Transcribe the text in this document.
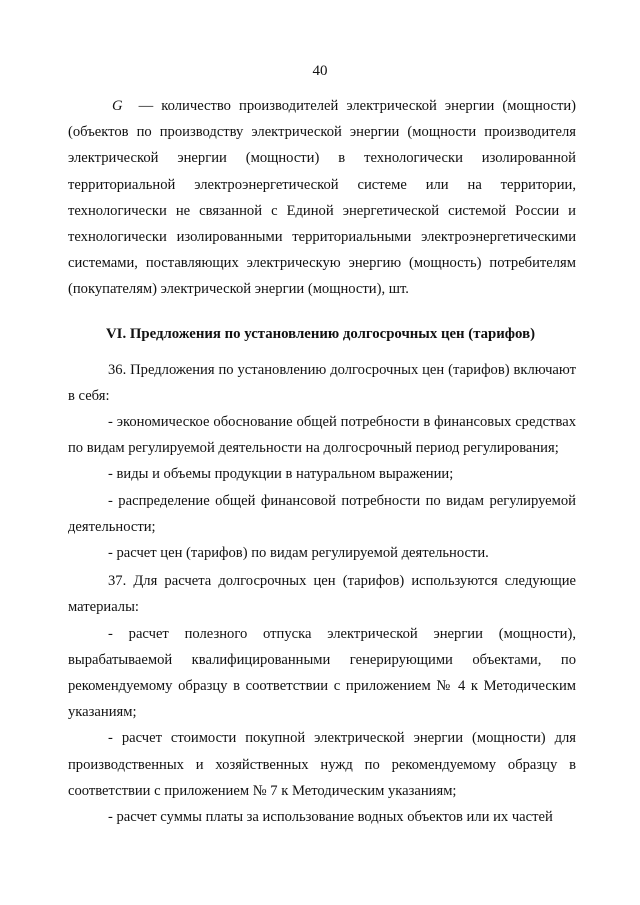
40

G — количество производителей электрической энергии (мощности) (объектов по производству электрической энергии (мощности производителя электрической энергии (мощности) в технологически изолированной территориальной электроэнергетической системе или на территории, технологически не связанной с Единой энергетической системой России и технологически изолированными территориальными электроэнергетическими системами, поставляющих электрическую энергию (мощность) потребителям (покупателям) электрической энергии (мощности), шт.

VI. Предложения по установлению долгосрочных цен (тарифов)

36. Предложения по установлению долгосрочных цен (тарифов) включают в себя:

- экономическое обоснование общей потребности в финансовых средствах по видам регулируемой деятельности на долгосрочный период регулирования;

- виды и объемы продукции в натуральном выражении;

- распределение общей финансовой потребности по видам регулируемой деятельности;

- расчет цен (тарифов) по видам регулируемой деятельности.

37. Для расчета долгосрочных цен (тарифов) используются следующие материалы:

- расчет полезного отпуска электрической энергии (мощности), вырабатываемой квалифицированными генерирующими объектами, по рекомендуемому образцу в соответствии с приложением № 4 к Методическим указаниям;

- расчет стоимости покупной электрической энергии (мощности) для производственных и хозяйственных нужд по рекомендуемому образцу в соответствии с приложением № 7 к Методическим указаниям;

- расчет суммы платы за использование водных объектов или их частей
